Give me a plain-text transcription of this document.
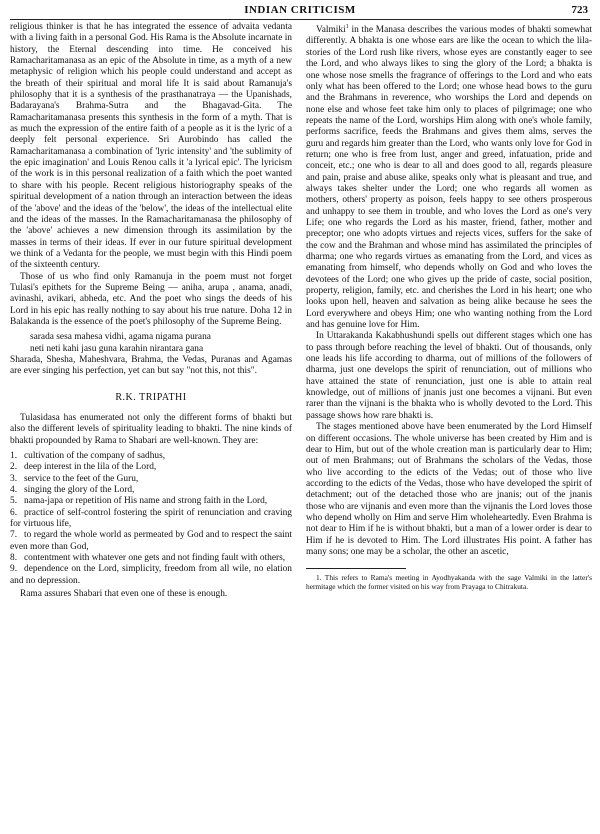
INDIAN CRITICISM	723

religious thinker is that he has integrated the essence of advaita vedanta with a living faith in a personal God. His Rama is the Absolute incarnate in history, the Eternal descending into time. He conceived his Ramacharitamanasa as an epic of the Absolute in time, as a myth of a new metaphysic of religion which his people could understand and accept as the breath of their spiritual and moral life It is said about Ramanuja's philosophy that it is a synthesis of the prasthanatraya — the Upanishads, Badarayana's Brahma-Sutra and the Bhagavad-Gita. The Ramacharitamanasa presents this synthesis in the form of a myth. That is as much the expression of the entire faith of a people as it is the lyric of a deeply felt personal experience. Sri Aurobindo has called the Ramacharitamanasa a combination of 'lyric intensity' and 'the sublimity of the epic imagination' and Louis Renou calls it 'a lyrical epic'. The lyricism of the work is in this personal realization of a faith which the poet wanted to share with his people. Recent religious historiography speaks of the spiritual development of a nation through an interaction between the ideas of the 'above' and the ideas of the 'below', the ideas of the intellectual elite and the ideas of the masses. In the Ramacharitamanasa the philosophy of the 'above' achieves a new dimension through its assimilation by the masses in terms of their ideas. If ever in our future spiritual development we think of a Vedanta for the people, we must begin with this Hindi poem of the sixteenth century.

Those of us who find only Ramanuja in the poem must not forget Tulasi's epithets for the Supreme Being — aniha, arupa , anama, anadi, avinashi, avikari, abheda, etc. And the poet who sings the deeds of his Lord in his epic has really nothing to say about his true nature. Doha 12 in Balakanda is the essence of the poet's philosophy of the Supreme Being.

sarada sesa mahesa vidhi, agama nigama purana
neti neti kahi jasu guna karahin nirantara gana

Sharada, Shesha, Maheshvara, Brahma, the Vedas, Puranas and Agamas are ever singing his perfection, yet can but say "not this, not this".

R.K. TRIPATHI

Tulasidasa has enumerated not only the different forms of bhakti but also the different levels of spirituality leading to bhakti. The nine kinds of bhakti propounded by Rama to Shabari are well-known. They are:

1. cultivation of the company of sadhus,
2. deep interest in the lila of the Lord,
3. service to the feet of the Guru,
4. singing the glory of the Lord,
5. nama-japa or repetition of His name and strong faith in the Lord,
6. practice of self-control fostering the spirit of renunciation and craving for virtuous life,
7. to regard the whole world as permeated by God and to respect the saint even more than God,
8. contentment with whatever one gets and not finding fault with others,
9. dependence on the Lord, simplicity, freedom from all wile, no elation and no depression.

Rama assures Shabari that even one of these is enough.

Valmiki$^1$ in the Manasa describes the various modes of bhakti somewhat differently. A bhakta is one whose ears are like the ocean to which the lila-stories of the Lord rush like rivers, whose eyes are constantly eager to see the Lord, and who always likes to sing the glory of the Lord; a bhakta is one whose nose smells the fragrance of offerings to the Lord and who eats only what has been offered to the Lord; one whose head bows to the guru and the Brahmans in reverence, who worships the Lord and depends on none else and whose feet take him only to places of pilgrimage; one who repeats the name of the Lord, worships Him along with one's whole family, performs sacrifice, feeds the Brahmans and gives them alms, serves the guru and regards him greater than the Lord, who wants only love for God in return; one who is free from lust, anger and greed, infatuation, pride and conceit, etc.; one who is dear to all and does good to all, regards pleasure and pain, praise and abuse alike, speaks only what is pleasant and true, and always takes shelter under the Lord; one who regards all women as mothers, others' property as poison, feels happy to see others prosperous and unhappy to see them in trouble, and who loves the Lord as one's very Life; one who regards the Lord as his master, friend, father, mother and preceptor; one who adopts virtues and rejects vices, suffers for the sake of the cow and the Brahman and whose mind has assimilated the principles of dharma; one who regards virtues as emanating from the Lord, and vices as emanating from himself, who depends wholly on God and who loves the devotees of the Lord; one who gives up the pride of caste, social position, property, religion, family, etc. and cherishes the Lord in his heart; one who looks upon hell, heaven and salvation as being alike because he sees the Lord everywhere and obeys Him; one who wanting nothing from the Lord and has genuine love for Him.

In Uttarakanda Kakabhushundi spells out different stages which one has to pass through before reaching the level of bhakti. Out of thousands, only one leads his life according to dharma, out of millions of the followers of dharma, just one develops the spirit of renunciation, out of millions who have attained the state of renunciation, just one is able to attain real knowledge, out of millions of jnanis just one becomes a vijnani. But even rarer than the vijnani is the bhakta who is wholly devoted to the Lord. This passage shows how rare bhakti is.

The stages mentioned above have been enumerated by the Lord Himself on different occasions. The whole universe has been created by Him and is dear to Him, but out of the whole creation man is particularly dear to Him; out of men Brahmans; out of Brahmans the scholars of the Vedas, those who live according to the edicts of the Vedas; out of those who live according to the edicts of the Vedas, those who have developed the spirit of detachment; out of the detached those who are jnanis; out of the jnanis those who are vijnanis and even more than the vijnanis the Lord loves those who depend wholly on Him and serve Him wholeheartedly. Even Brahma is not dear to Him if he is without bhakti, but a man of a lower order is dear to Him if he is devoted to Him. The Lord illustrates His point. A father has many sons; one may be a scholar, the other an ascetic,

1. This refers to Rama's meeting in Ayodhyakanda with the sage Valmiki in the latter's hermitage which the former visited on his way from Prayaga to Chitrakuta.
